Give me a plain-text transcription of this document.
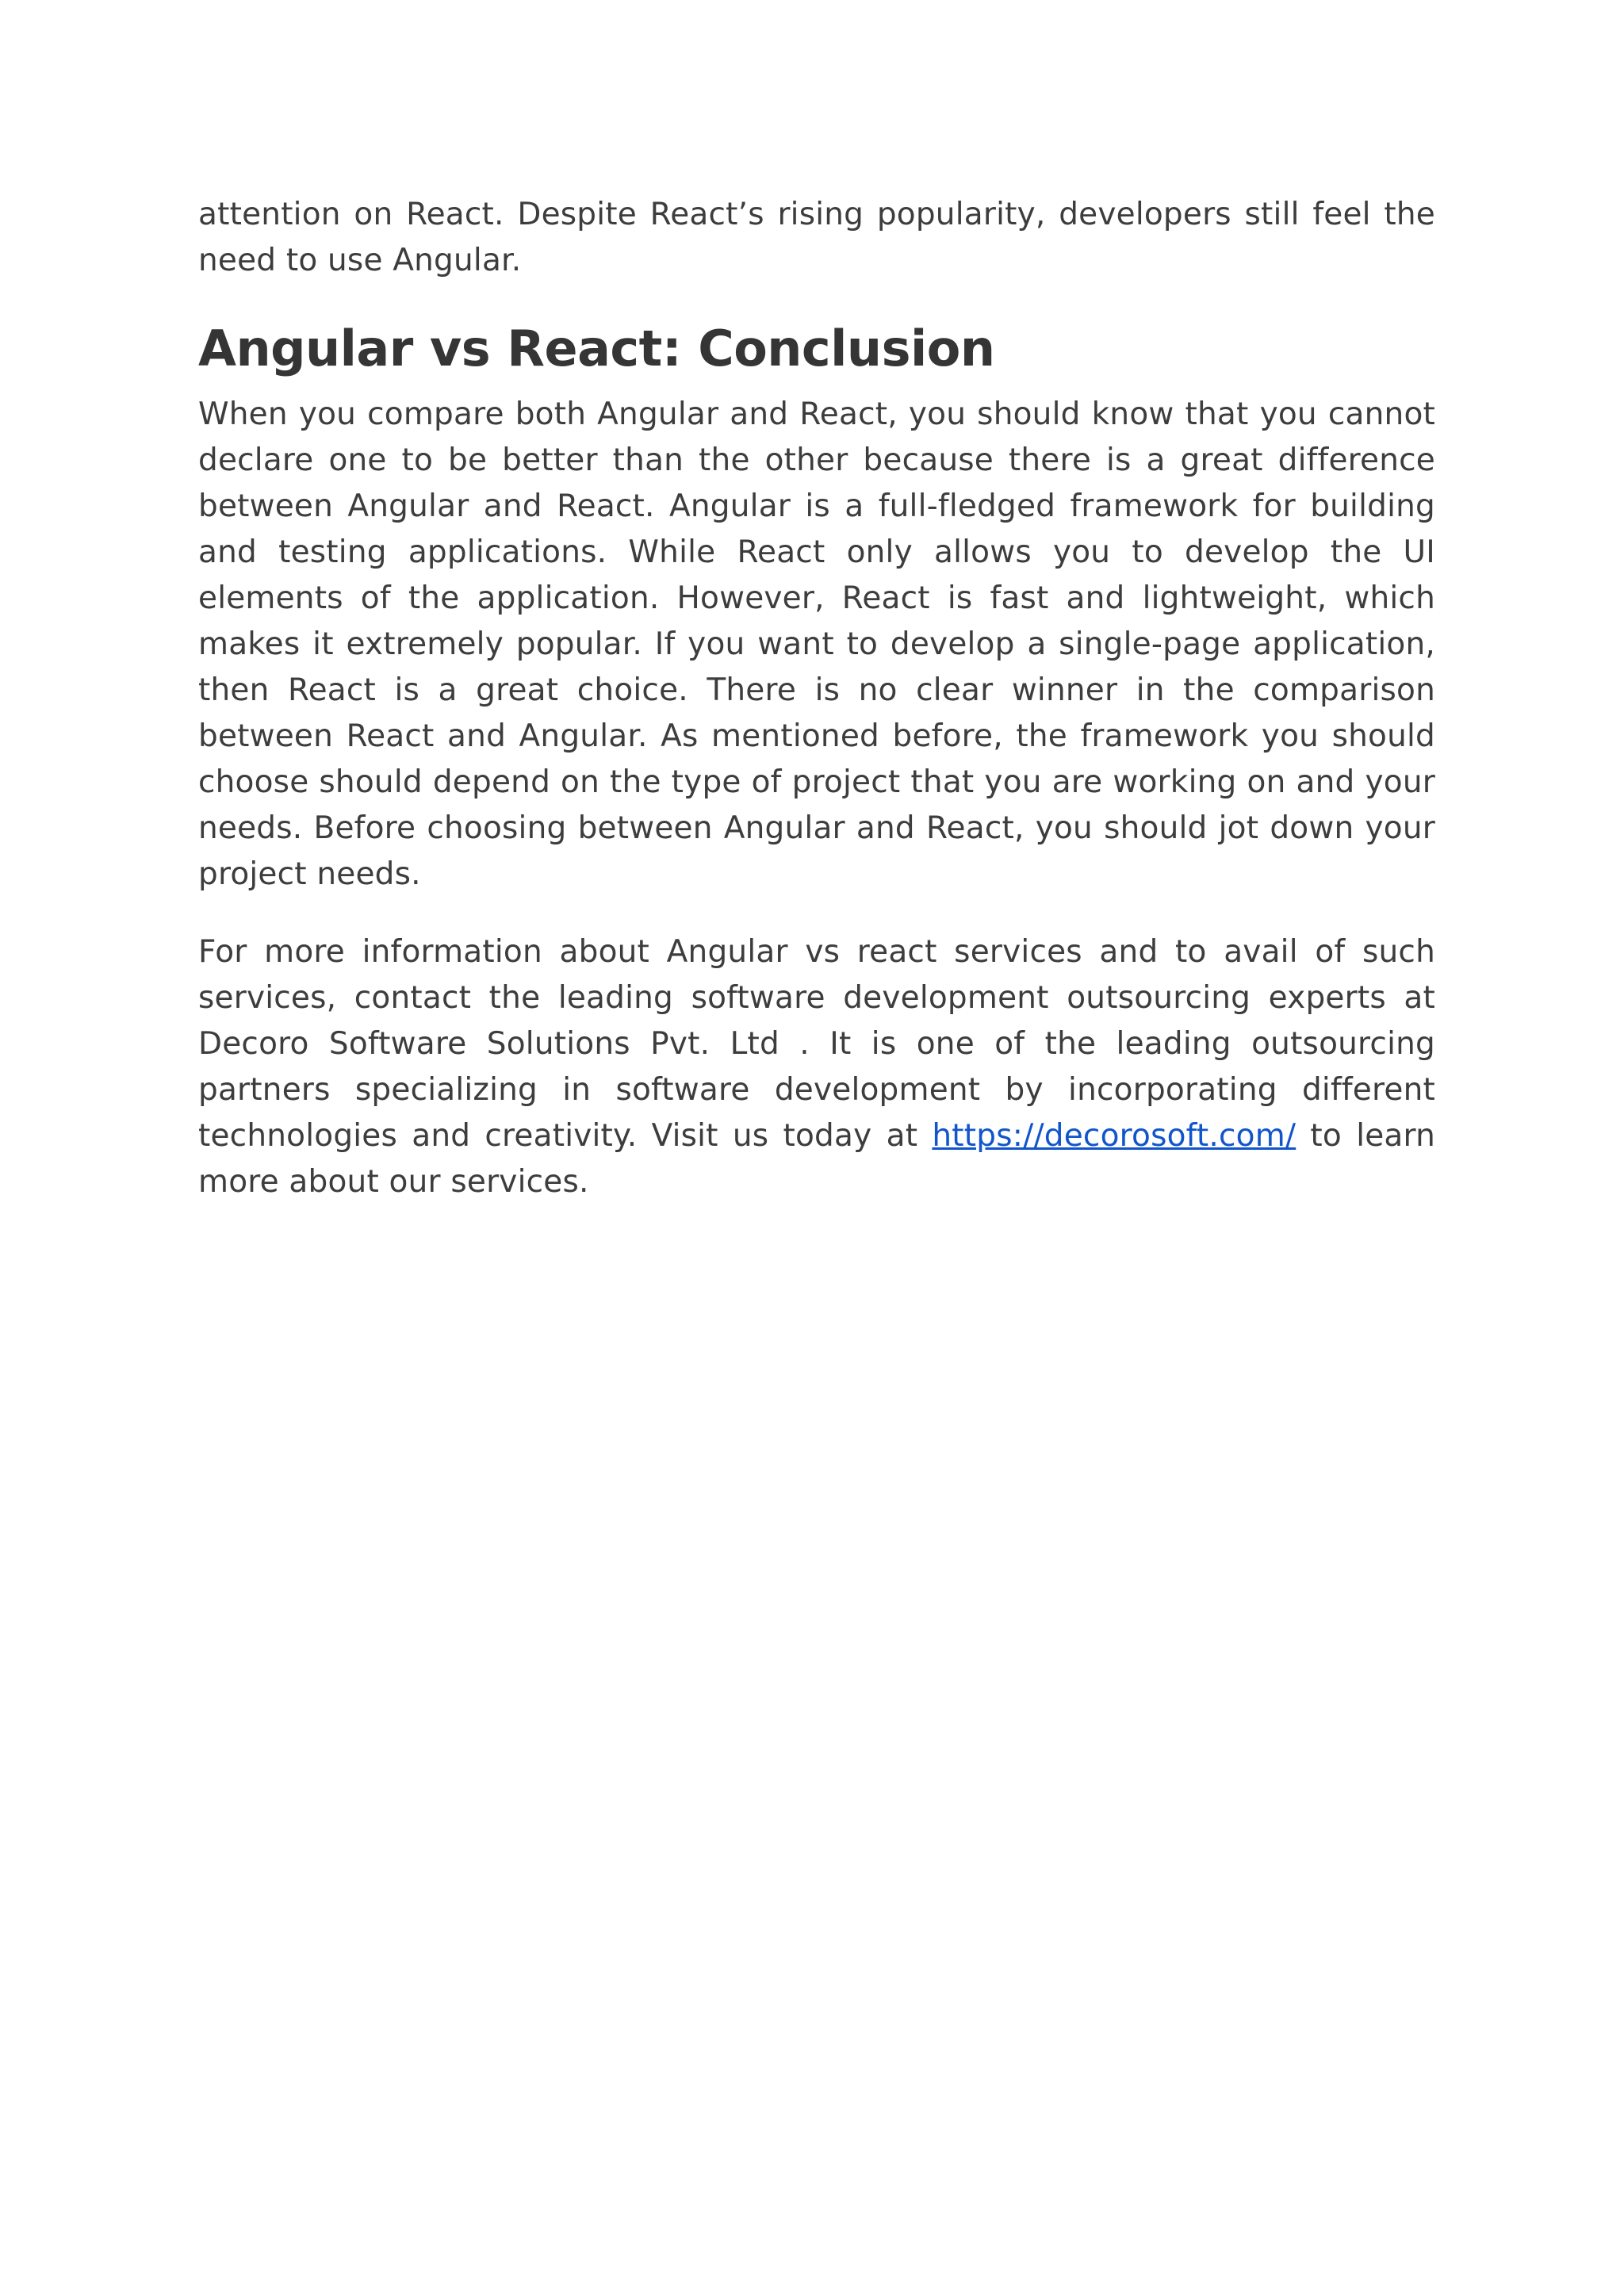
attention on React. Despite React’s rising popularity, developers still feel the need to use Angular.

Angular vs React: Conclusion

When you compare both Angular and React, you should know that you cannot declare one to be better than the other because there is a great difference between Angular and React. Angular is a full-fledged framework for building and testing applications. While React only allows you to develop the UI elements of the application. However, React is fast and lightweight, which makes it extremely popular. If you want to develop a single-page application, then React is a great choice. There is no clear winner in the comparison between React and Angular. As mentioned before, the framework you should choose should depend on the type of project that you are working on and your needs. Before choosing between Angular and React, you should jot down your project needs.

For more information about Angular vs react services and to avail of such services, contact the leading software development outsourcing experts at Decoro Software Solutions Pvt. Ltd . It is one of the leading outsourcing partners specializing in software development by incorporating different technologies and creativity. Visit us today at https://decorosoft.com/ to learn more about our services.
